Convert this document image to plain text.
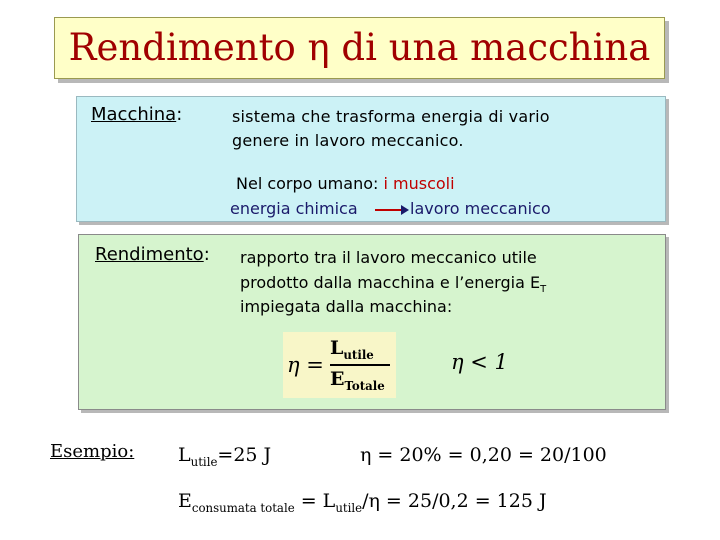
Rendimento η di una macchina
Macchina:	sistema che trasforma energia di vario
genere in lavoro meccanico.
Nel corpo umano: i muscoli
energia chimica	lavoro meccanico
Rendimento: rapporto tra il lavoro meccanico utile
prodotto dalla macchina e l’energia $E_T$
impiegata dalla macchina:
η =
$L_{utile}$
$E_{Totale}$
η < 1
Esempio: $L_{utile}=25$ J	η = 20% = 0,20 = 20/100
$E_{consumata totale} = L_{utile}/\eta = 25/0,2 = 125$ J
